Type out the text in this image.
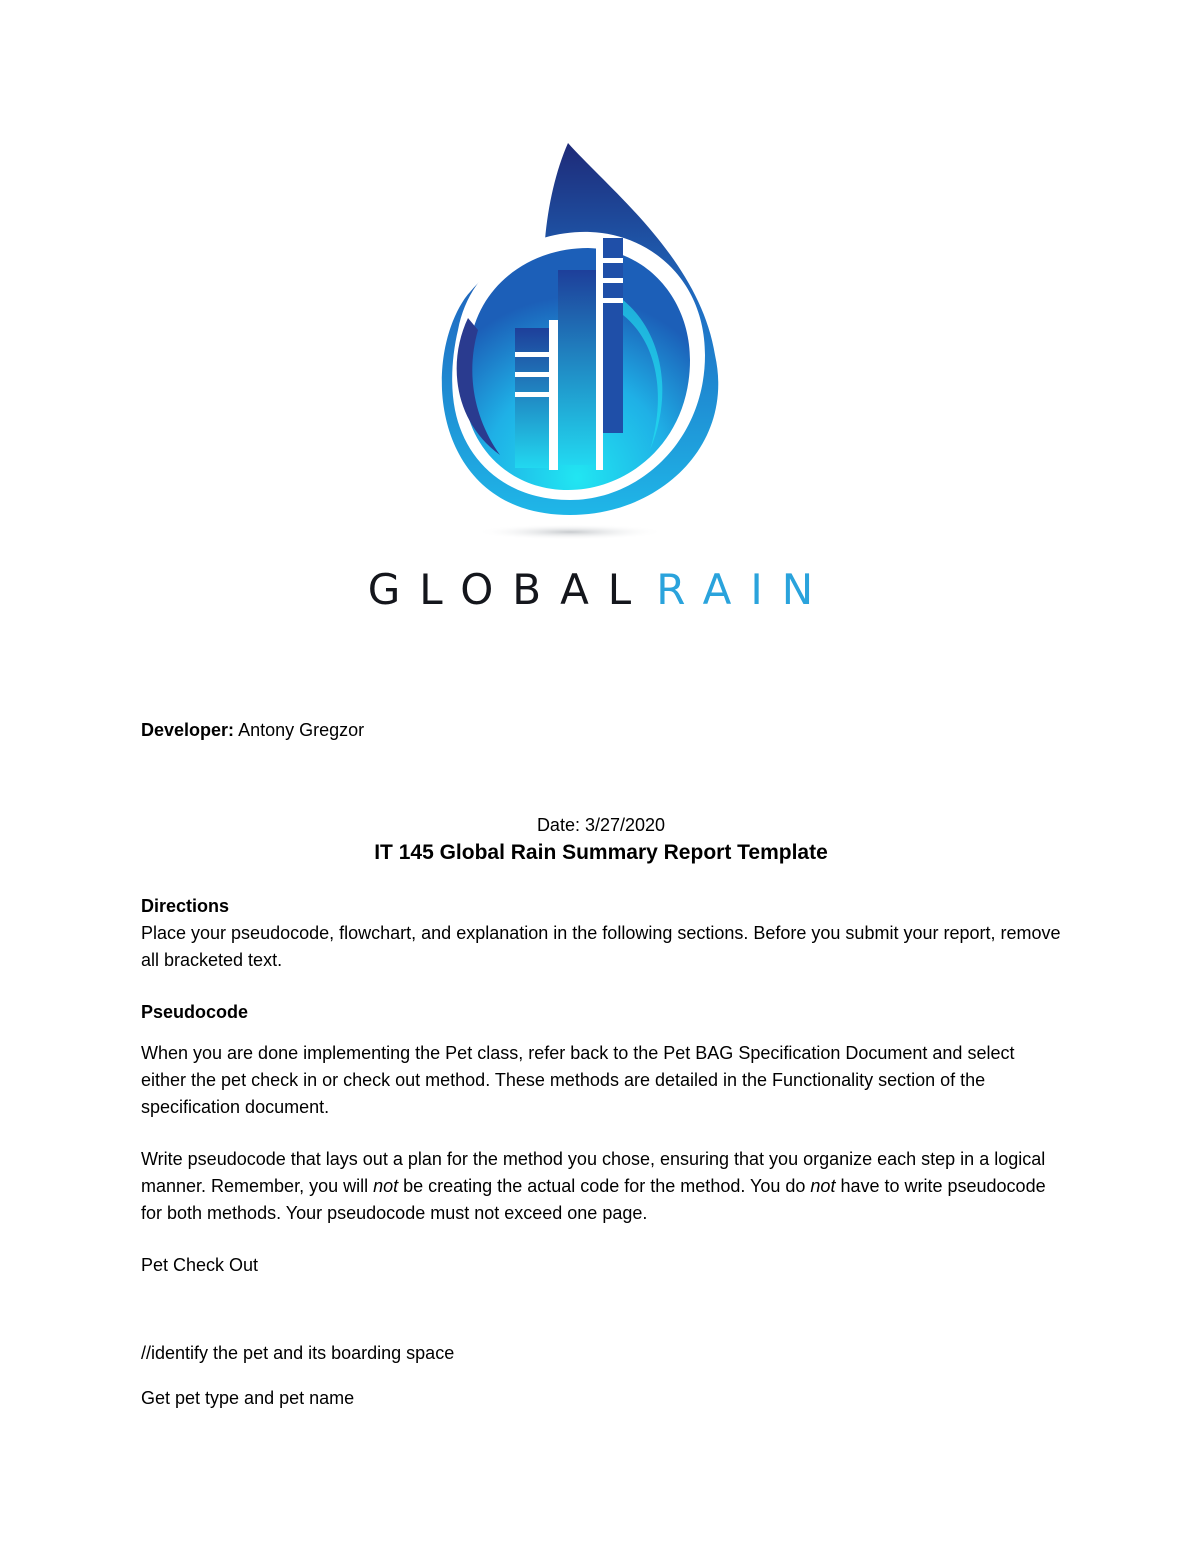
GLOBAL RAIN
Developer: Antony Gregzor
Date: 3/27/2020
IT 145 Global Rain Summary Report Template
Directions
Place your pseudocode, flowchart, and explanation in the following sections. Before you submit your report, remove all bracketed text.
Pseudocode
When you are done implementing the Pet class, refer back to the Pet BAG Specification Document and select either the pet check in or check out method. These methods are detailed in the Functionality section of the specification document.
Write pseudocode that lays out a plan for the method you chose, ensuring that you organize each step in a logical manner. Remember, you will not be creating the actual code for the method. You do not have to write pseudocode for both methods. Your pseudocode must not exceed one page.
Pet Check Out
//identify the pet and its boarding space
Get pet type and pet name
